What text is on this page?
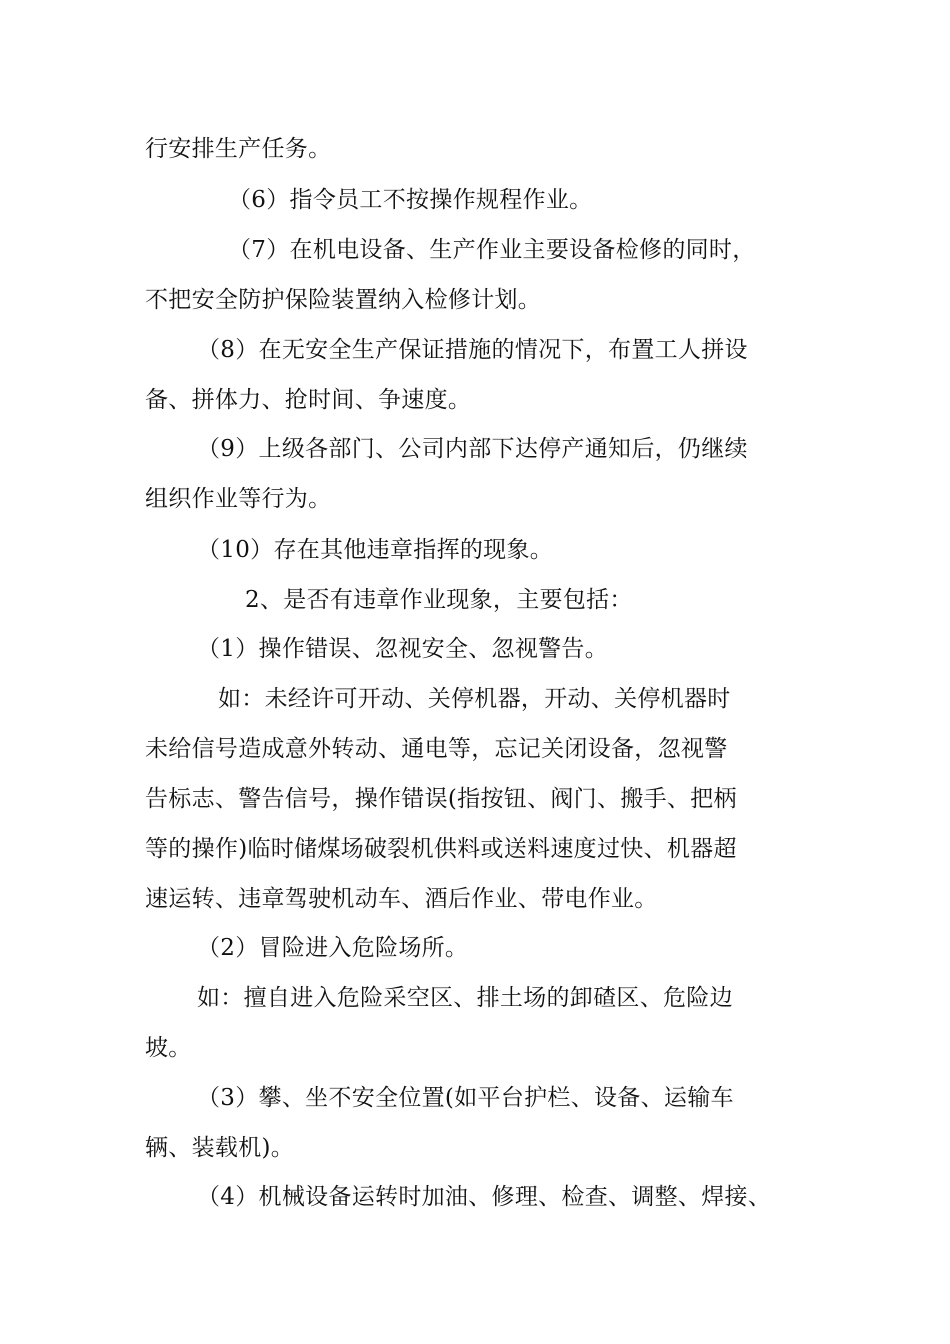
行安排生产任务。
（6）指令员工不按操作规程作业。
（7）在机电设备、生产作业主要设备检修的同时，
不把安全防护保险装置纳入检修计划。
（8）在无安全生产保证措施的情况下，布置工人拼设
备、拼体力、抢时间、争速度。
（9）上级各部门、公司内部下达停产通知后，仍继续
组织作业等行为。
（10）存在其他违章指挥的现象。
2、是否有违章作业现象，主要包括：
（1）操作错误、忽视安全、忽视警告。
如：未经许可开动、关停机器，开动、关停机器时
未给信号造成意外转动、通电等，忘记关闭设备，忽视警
告标志、警告信号，操作错误(指按钮、阀门、搬手、把柄
等的操作)临时储煤场破裂机供料或送料速度过快、机器超
速运转、违章驾驶机动车、酒后作业、带电作业。
（2）冒险进入危险场所。
如：擅自进入危险采空区、排土场的卸碴区、危险边
坡。
（3）攀、坐不安全位置(如平台护栏、设备、运输车
辆、装载机)。
（4）机械设备运转时加油、修理、检查、调整、焊接、
